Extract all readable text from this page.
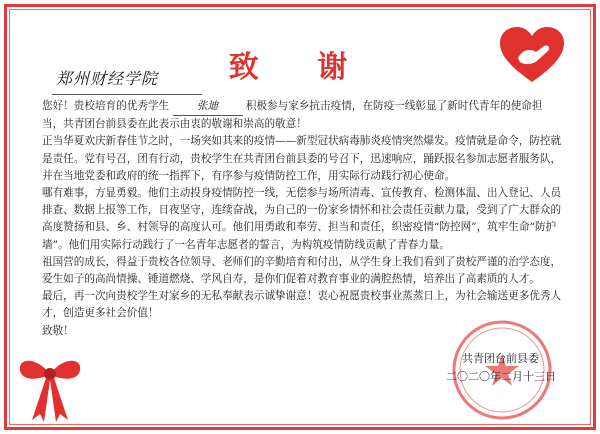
致 谢
郑州财经学院

您好！贵校培育的优秀学生	张迪	积极参与家乡抗击疫情，在防疫一线彰显了新时代青年的使命担当，共青团台前县委在此表示由衷的敬谢和崇高的敬意！

正当华夏欢庆新春佳节之时，一场突如其来的疫情——新型冠状病毒肺炎疫情突然爆发。疫情就是命令，防控就是责任。党有号召，团有行动，贵校学生在共青团台前县委的号召下，迅速响应，踊跃报名参加志愿者服务队，并在当地党委和政府的统一指挥下，有序参与疫情防控工作，用实际行动践行初心使命。

哪有难事，方显勇毅。他们主动投身疫情防控一线，无偿参与场所清毒、宣传教育、检测体温、出入登记、人员排查、数据上报等工作，日夜坚守，连续奋战，为自己的一份家乡情怀和社会责任贡献力量，受到了广大群众的高度赞扬和县、乡、村领导的高度认可。他们用勇敢和奉劳、担当和责任，织密疫情“防控网”，筑牢生命“防护墙”。他们用实际行动践行了一名青年志愿者的誓言，为构筑疫情防线贡献了青春力量。

祖国营的成长，得益于贵校各位领导、老师们的辛勤培育和付出，从学生身上我们看到了贵校严谨的治学态度，爱生如子的高尚情操、锤道燃烧、学风自寿，是你们促着对教育事业的满腔热情，培养出了高素质的人才。

最后，再一次向贵校学生对家乡的无私奉献表示诚挚谢意！衷心祝愿贵校事业蒸蒸日上，为社会输送更多优秀人才，创造更多社会价值！

致敬！

共青团台前县委
二〇二〇年二月十三日
